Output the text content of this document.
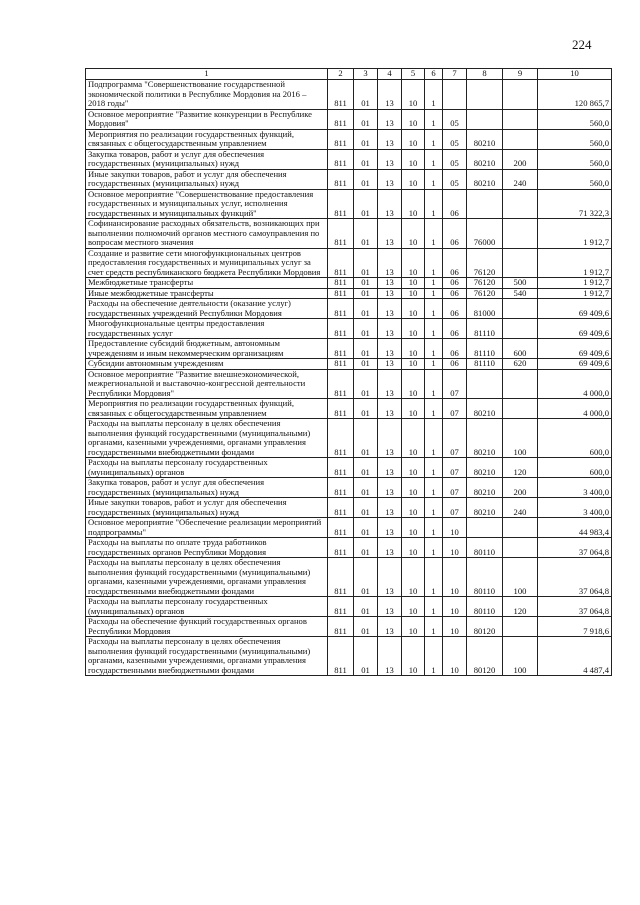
224
1	2	3	4	5	6	7	8	9	10
Подпрограмма "Совершенствование государственной экономической политики в Республике Мордовия на 2016 – 2018 годы"	811	01	13	10	1				120 865,7
Основное мероприятие "Развитие конкуренции в Республике Мордовия"	811	01	13	10	1	05			560,0
Мероприятия по реализации государственных функций, связанных с общегосударственным управлением	811	01	13	10	1	05	80210		560,0
Закупка товаров, работ и услуг для обеспечения государственных (муниципальных) нужд	811	01	13	10	1	05	80210	200	560,0
Иные закупки товаров, работ и услуг для обеспечения государственных (муниципальных) нужд	811	01	13	10	1	05	80210	240	560,0
Основное мероприятие "Совершенствование предоставления государственных и муниципальных услуг, исполнения государственных и муниципальных функций"	811	01	13	10	1	06			71 322,3
Софинансирование расходных обязательств, возникающих при выполнении полномочий органов местного самоуправления по вопросам местного значения	811	01	13	10	1	06	76000		1 912,7
Создание и развитие сети многофункциональных центров предоставления государственных и муниципальных услуг за счет средств республиканского бюджета Республики Мордовия	811	01	13	10	1	06	76120		1 912,7
Межбюджетные трансферты	811	01	13	10	1	06	76120	500	1 912,7
Иные межбюджетные трансферты	811	01	13	10	1	06	76120	540	1 912,7
Расходы на обеспечение деятельности (оказание услуг) государственных учреждений Республики Мордовия	811	01	13	10	1	06	81000		69 409,6
Многофункциональные центры предоставления государственных услуг	811	01	13	10	1	06	81110		69 409,6
Предоставление субсидий бюджетным, автономным учреждениям и иным некоммерческим организациям	811	01	13	10	1	06	81110	600	69 409,6
Субсидии автономным учреждениям	811	01	13	10	1	06	81110	620	69 409,6
Основное мероприятие "Развитие внешнеэкономической, межрегиональной и выставочно-конгрессной деятельности Республики Мордовия"	811	01	13	10	1	07			4 000,0
Мероприятия по реализации государственных функций, связанных с общегосударственным управлением	811	01	13	10	1	07	80210		4 000,0
Расходы на выплаты персоналу в целях обеспечения выполнения функций государственными (муниципальными) органами, казенными учреждениями, органами управления государственными внебюджетными фондами	811	01	13	10	1	07	80210	100	600,0
Расходы на выплаты персоналу государственных (муниципальных) органов	811	01	13	10	1	07	80210	120	600,0
Закупка товаров, работ и услуг для обеспечения государственных (муниципальных) нужд	811	01	13	10	1	07	80210	200	3 400,0
Иные закупки товаров, работ и услуг для обеспечения государственных (муниципальных) нужд	811	01	13	10	1	07	80210	240	3 400,0
Основное мероприятие "Обеспечение реализации мероприятий подпрограммы"	811	01	13	10	1	10			44 983,4
Расходы на выплаты по оплате труда работников государственных органов Республики Мордовия	811	01	13	10	1	10	80110		37 064,8
Расходы на выплаты персоналу в целях обеспечения выполнения функций государственными (муниципальными) органами, казенными учреждениями, органами управления государственными внебюджетными фондами	811	01	13	10	1	10	80110	100	37 064,8
Расходы на выплаты персоналу государственных (муниципальных) органов	811	01	13	10	1	10	80110	120	37 064,8
Расходы на обеспечение функций государственных органов Республики Мордовия	811	01	13	10	1	10	80120		7 918,6
Расходы на выплаты персоналу в целях обеспечения выполнения функций государственными (муниципальными) органами, казенными учреждениями, органами управления государственными внебюджетными фондами	811	01	13	10	1	10	80120	100	4 487,4
